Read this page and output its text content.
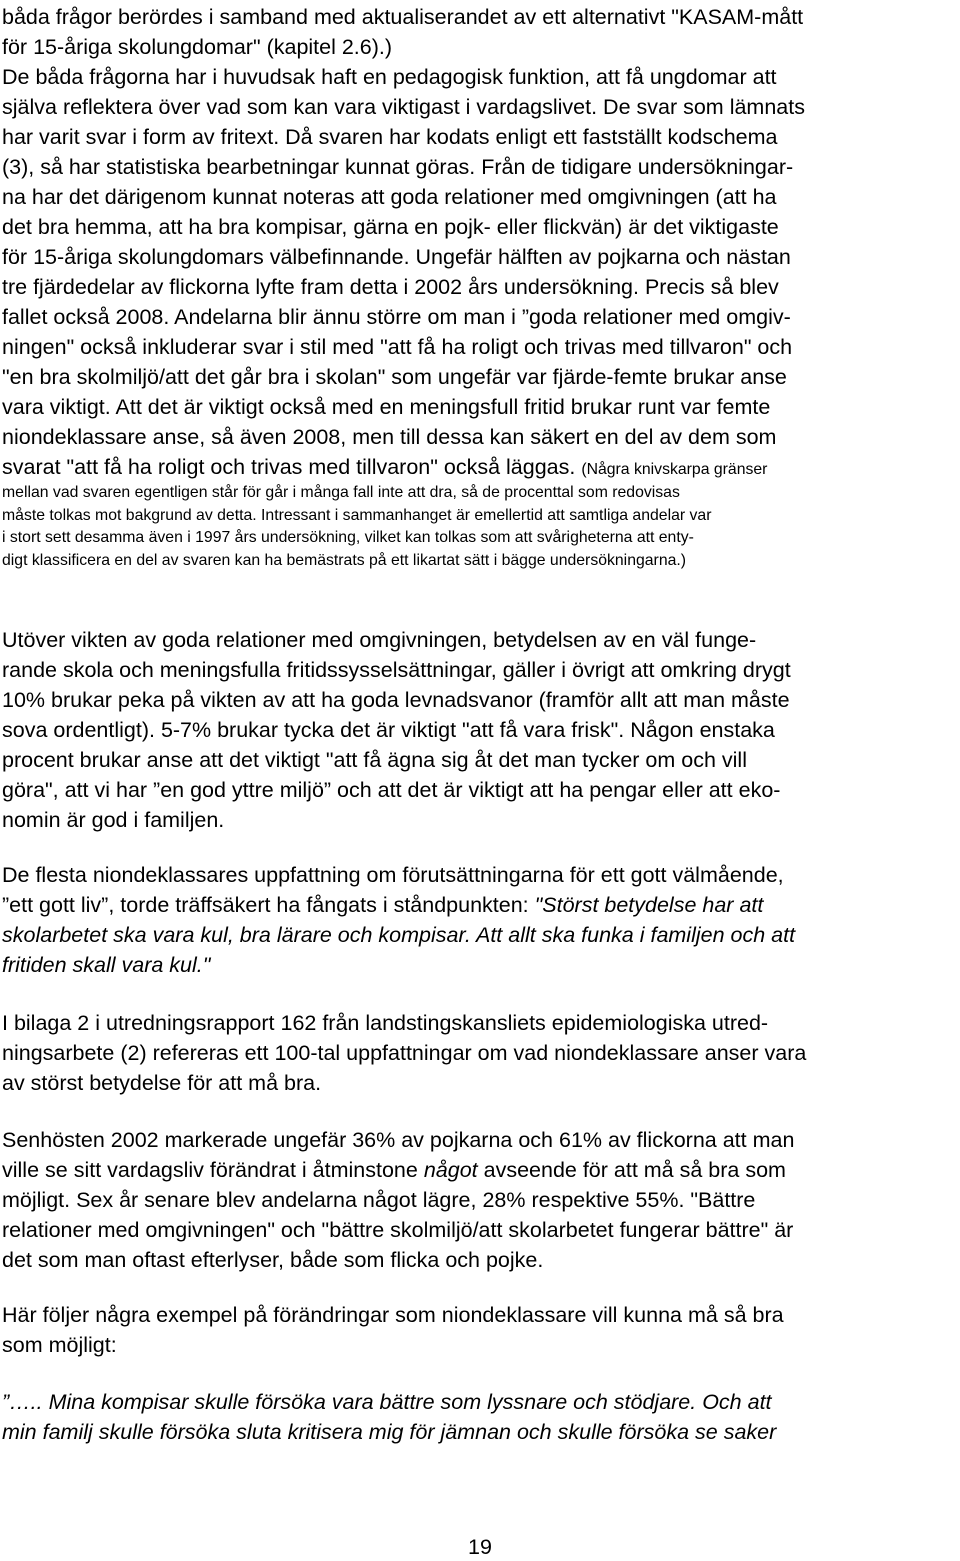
båda frågor berördes i samband med aktualiserandet av ett alternativt "KASAM-mått
för 15-åriga skolungdomar" (kapitel 2.6).)
De båda frågorna har i huvudsak haft en pedagogisk funktion, att få ungdomar att
själva reflektera över vad som kan vara viktigast i vardagslivet. De svar som lämnats
har varit svar i form av fritext. Då svaren har kodats enligt ett fastställt kodschema
(3), så har statistiska bearbetningar kunnat göras. Från de tidigare undersökningar-
na har det därigenom kunnat noteras att goda relationer med omgivningen (att ha
det bra hemma, att ha bra kompisar, gärna en pojk- eller flickvän) är det viktigaste
för 15-åriga skolungdomars välbefinnande. Ungefär hälften av pojkarna och nästan
tre fjärdedelar av flickorna lyfte fram detta i 2002 års undersökning. Precis så blev
fallet också 2008. Andelarna blir ännu större om man i ”goda relationer med omgiv-
ningen" också inkluderar svar i stil med "att få ha roligt och trivas med tillvaron" och
"en bra skolmiljö/att det går bra i skolan" som ungefär var fjärde-femte brukar anse
vara viktigt. Att det är viktigt också med en meningsfull fritid brukar runt var femte
niondeklassare anse, så även 2008, men till dessa kan säkert en del av dem som
svarat "att få ha roligt och trivas med tillvaron" också läggas. (Några knivskarpa gränser
mellan vad svaren egentligen står för går i många fall inte att dra, så de procenttal som redovisas
måste tolkas mot bakgrund av detta. Intressant i sammanhanget är emellertid att samtliga andelar var
i stort sett desamma även i 1997 års undersökning, vilket kan tolkas som att svårigheterna att enty-
digt klassificera en del av svaren kan ha bemästrats på ett likartat sätt i bägge undersökningarna.)
Utöver vikten av goda relationer med omgivningen, betydelsen av en väl funge-
rande skola och meningsfulla fritidssysselsättningar, gäller i övrigt att omkring drygt
10% brukar peka på vikten av att ha goda levnadsvanor (framför allt att man måste
sova ordentligt). 5-7% brukar tycka det är viktigt "att få vara frisk". Någon enstaka
procent brukar anse att det viktigt "att få ägna sig åt det man tycker om och vill
göra", att vi har ”en god yttre miljö” och att det är viktigt att ha pengar eller att eko-
nomin är god i familjen.
De flesta niondeklassares uppfattning om förutsättningarna för ett gott välmående,
”ett gott liv”, torde träffsäkert ha fångats i ståndpunkten: "Störst betydelse har att
skolarbetet ska vara kul, bra lärare och kompisar. Att allt ska funka i familjen och att
fritiden skall vara kul."
I bilaga 2 i utredningsrapport 162 från landstingskansliets epidemiologiska utred-
ningsarbete (2) refereras ett 100-tal uppfattningar om vad niondeklassare anser vara
av störst betydelse för att må bra.
Senhösten 2002 markerade ungefär 36% av pojkarna och 61% av flickorna att man
ville se sitt vardagsliv förändrat i åtminstone något avseende för att må så bra som
möjligt. Sex år senare blev andelarna något lägre, 28% respektive 55%. "Bättre
relationer med omgivningen" och "bättre skolmiljö/att skolarbetet fungerar bättre" är
det som man oftast efterlyser, både som flicka och pojke.
Här följer några exempel på förändringar som niondeklassare vill kunna må så bra
som möjligt:
”….. Mina kompisar skulle försöka vara bättre som lyssnare och stödjare. Och att
min familj skulle försöka sluta kritisera mig för jämnan och skulle försöka se saker

19
